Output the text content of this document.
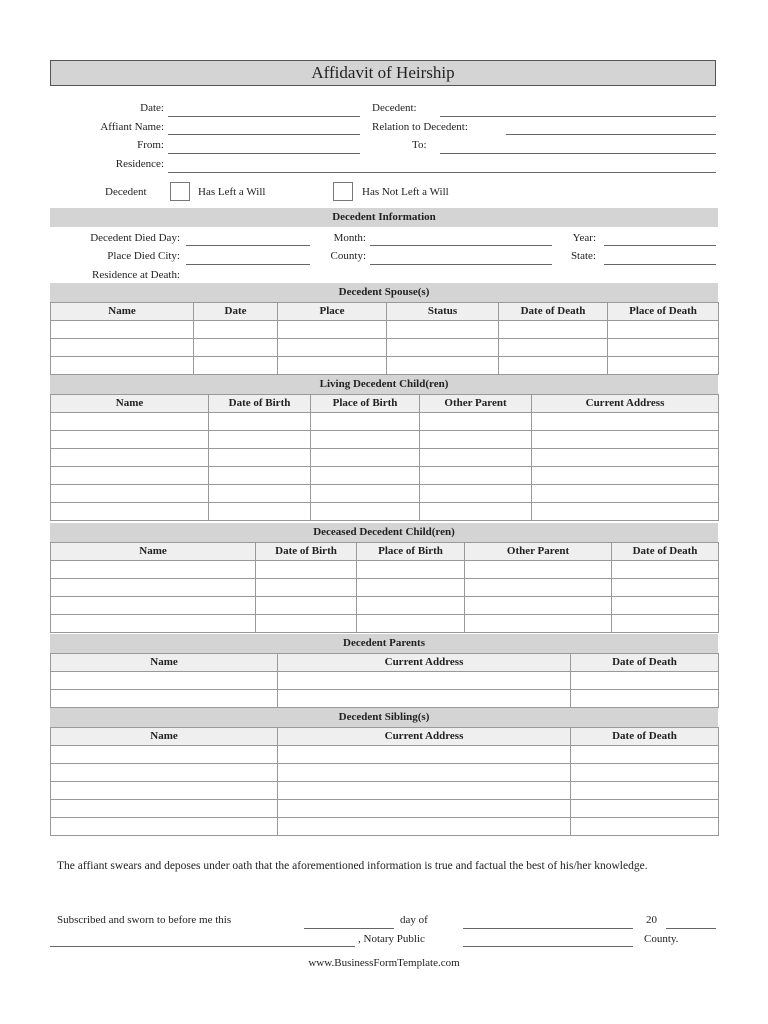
Affidavit of Heirship
Date:	Decedent:
Affiant Name:	Relation to Decedent:
From:	To:
Residence:
Decedent	Has Left a Will	Has Not Left a Will
Decedent Information
Decedent Died Day:	Month:	Year:
Place Died City:	County:	State:
Residence at Death:
Decedent Spouse(s)
Name	Date	Place	Status	Date of Death	Place of Death

Living Decedent Child(ren)
Name	Date of Birth	Place of Birth	Other Parent	Current Address

Deceased Decedent Child(ren)
Name	Date of Birth	Place of Birth	Other Parent	Date of Death

Decedent Parents
Name	Current Address	Date of Death

Decedent Sibling(s)
Name	Current Address	Date of Death

The affiant swears and deposes under oath that the aforementioned information is true and factual the best of his/her knowledge.
Subscribed and sworn to before me this	day of	20
, Notary Public	County.
www.BusinessFormTemplate.com
